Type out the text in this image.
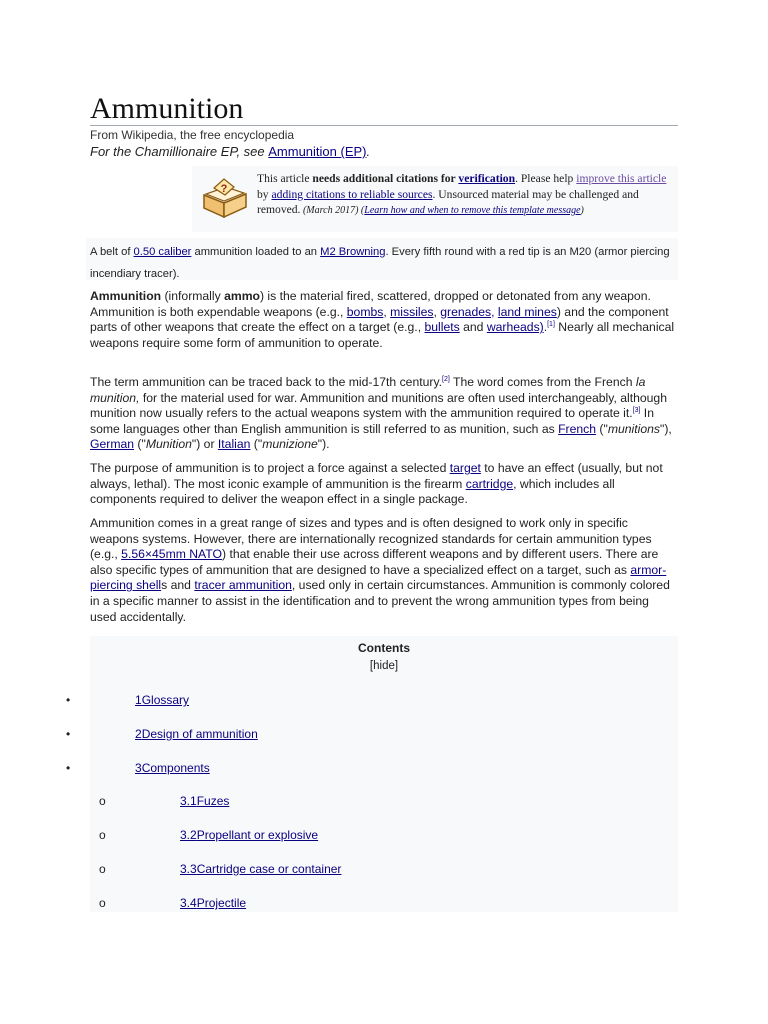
Ammunition
From Wikipedia, the free encyclopedia
For the Chamillionaire EP, see Ammunition (EP).
?
This article needs additional citations for verification. Please help improve this article by adding citations to reliable sources. Unsourced material may be challenged and removed. (March 2017) (Learn how and when to remove this template message)
A belt of 0.50 caliber ammunition loaded to an M2 Browning. Every fifth round with a red tip is an M20 (armor piercing incendiary tracer).
Ammunition (informally ammo) is the material fired, scattered, dropped or detonated from any weapon. Ammunition is both expendable weapons (e.g., bombs, missiles, grenades, land mines) and the component parts of other weapons that create the effect on a target (e.g., bullets and warheads).[1] Nearly all mechanical weapons require some form of ammunition to operate.
The term ammunition can be traced back to the mid-17th century.[2] The word comes from the French la munition, for the material used for war. Ammunition and munitions are often used interchangeably, although munition now usually refers to the actual weapons system with the ammunition required to operate it.[3] In some languages other than English ammunition is still referred to as munition, such as French ("munitions"), German ("Munition") or Italian ("munizione").
The purpose of ammunition is to project a force against a selected target to have an effect (usually, but not always, lethal). The most iconic example of ammunition is the firearm cartridge, which includes all components required to deliver the weapon effect in a single package.
Ammunition comes in a great range of sizes and types and is often designed to work only in specific weapons systems. However, there are internationally recognized standards for certain ammunition types (e.g., 5.56×45mm NATO) that enable their use across different weapons and by different users. There are also specific types of ammunition that are designed to have a specialized effect on a target, such as armor-piercing shells and tracer ammunition, used only in certain circumstances. Ammunition is commonly colored in a specific manner to assist in the identification and to prevent the wrong ammunition types from being used accidentally.
Contents
[hide]
•	1Glossary
•	2Design of ammunition
•	3Components
o	3.1Fuzes
o	3.2Propellant or explosive
o	3.3Cartridge case or container
o	3.4Projectile
